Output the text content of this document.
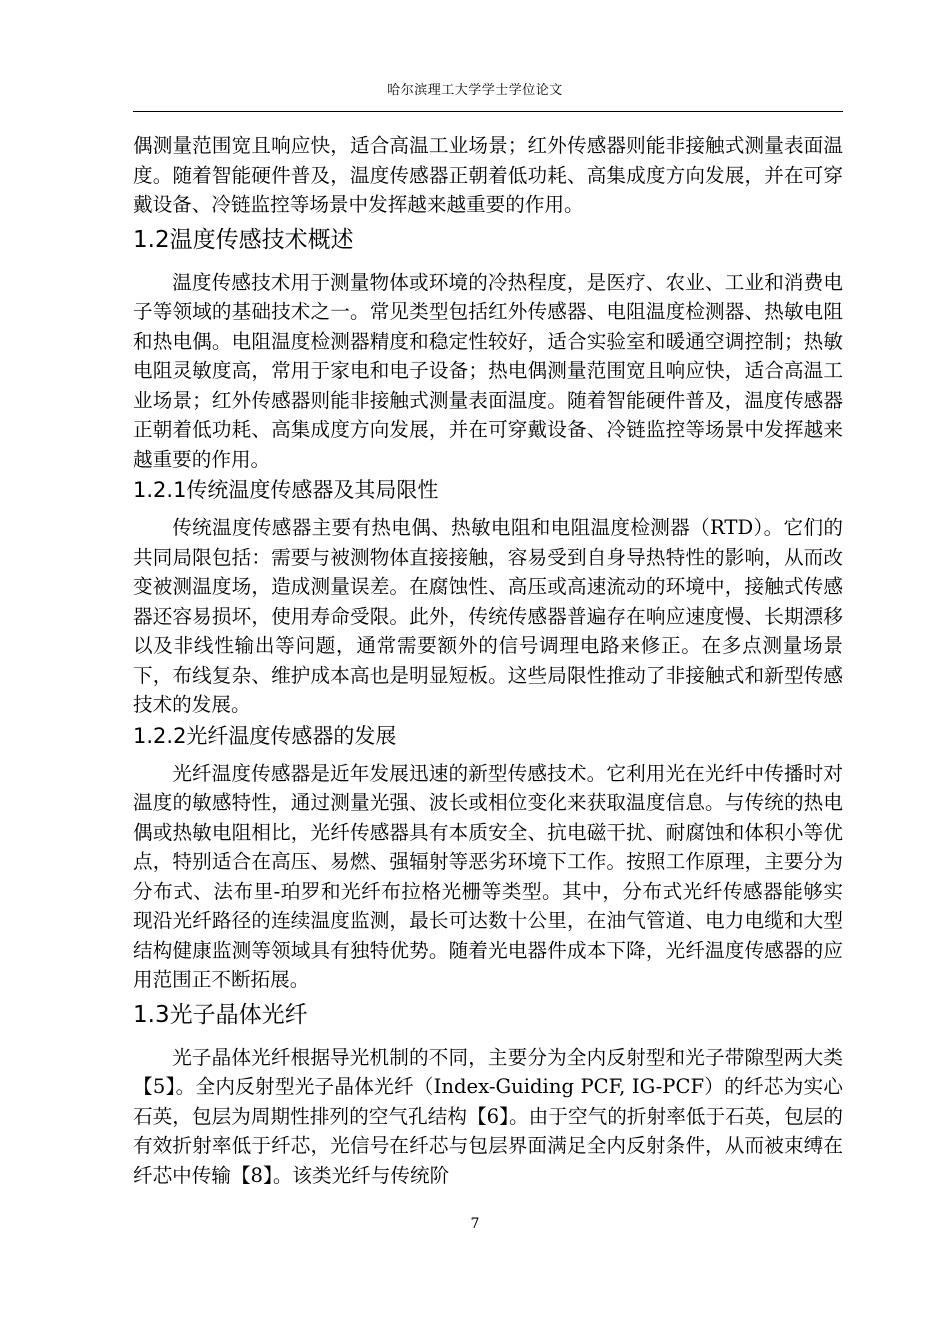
哈尔滨理工大学学士学位论文

偶测量范围宽且响应快，适合高温工业场景；红外传感器则能非接触式测量表面温度。随着智能硬件普及，温度传感器正朝着低功耗、高集成度方向发展，并在可穿戴设备、冷链监控等场景中发挥越来越重要的作用。

1.2温度传感技术概述

温度传感技术用于测量物体或环境的冷热程度，是医疗、农业、工业和消费电子等领域的基础技术之一。常见类型包括红外传感器、电阻温度检测器、热敏电阻和热电偶。电阻温度检测器精度和稳定性较好，适合实验室和暖通空调控制；热敏电阻灵敏度高，常用于家电和电子设备；热电偶测量范围宽且响应快，适合高温工业场景；红外传感器则能非接触式测量表面温度。随着智能硬件普及，温度传感器正朝着低功耗、高集成度方向发展，并在可穿戴设备、冷链监控等场景中发挥越来越重要的作用。

1.2.1传统温度传感器及其局限性

传统温度传感器主要有热电偶、热敏电阻和电阻温度检测器（RTD）。它们的共同局限包括：需要与被测物体直接接触，容易受到自身导热特性的影响，从而改变被测温度场，造成测量误差。在腐蚀性、高压或高速流动的环境中，接触式传感器还容易损坏，使用寿命受限。此外，传统传感器普遍存在响应速度慢、长期漂移以及非线性输出等问题，通常需要额外的信号调理电路来修正。在多点测量场景下，布线复杂、维护成本高也是明显短板。这些局限性推动了非接触式和新型传感技术的发展。

1.2.2光纤温度传感器的发展

光纤温度传感器是近年发展迅速的新型传感技术。它利用光在光纤中传播时对温度的敏感特性，通过测量光强、波长或相位变化来获取温度信息。与传统的热电偶或热敏电阻相比，光纤传感器具有本质安全、抗电磁干扰、耐腐蚀和体积小等优点，特别适合在高压、易燃、强辐射等恶劣环境下工作。按照工作原理，主要分为分布式、法布里-珀罗和光纤布拉格光栅等类型。其中，分布式光纤传感器能够实现沿光纤路径的连续温度监测，最长可达数十公里，在油气管道、电力电缆和大型结构健康监测等领域具有独特优势。随着光电器件成本下降，光纤温度传感器的应用范围正不断拓展。

1.3光子晶体光纤

光子晶体光纤根据导光机制的不同，主要分为全内反射型和光子带隙型两大类【5】。全内反射型光子晶体光纤（Index-Guiding PCF, IG-PCF）的纤芯为实心石英，包层为周期性排列的空气孔结构【6】。由于空气的折射率低于石英，包层的有效折射率低于纤芯，光信号在纤芯与包层界面满足全内反射条件，从而被束缚在纤芯中传输【8】。该类光纤与传统阶

7
